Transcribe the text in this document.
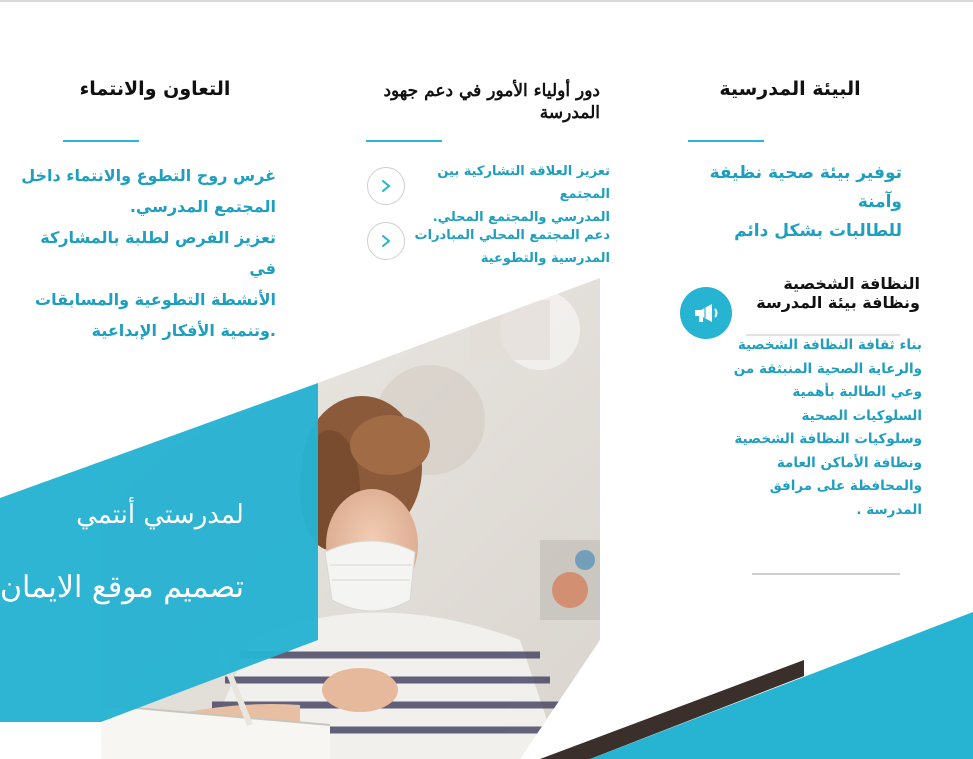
البيئة المدرسية
توفير بيئة صحية نظيفة وآمنة
للطالبات بشكل دائم
النظافة الشخصية
ونظافة بيئة المدرسة
بناء ثقافة النظافة الشخصية
والرعاية الصحية المنبثقة من
وعي الطالبة بأهمية
السلوكيات الصحية
وسلوكيات النظافة الشخصية
ونظافة الأماكن العامة
والمحافظة على مرافق
المدرسة .
دور أولياء الأمور في دعم جهود
المدرسة
تعزيز العلاقة التشاركية بين المجتمع
المدرسي والمجتمع المحلي.
دعم المجتمع المحلي المبادرات
المدرسية والتطوعية
التعاون والانتماء
غرس روح التطوع والانتماء داخل
المجتمع المدرسي.
تعزيز الفرص لطلبة بالمشاركة في
الأنشطة التطوعية والمسابقات
.وتنمية الأفكار الإبداعية
لمدرستي أنتمي
تصميم موقع الايمان
